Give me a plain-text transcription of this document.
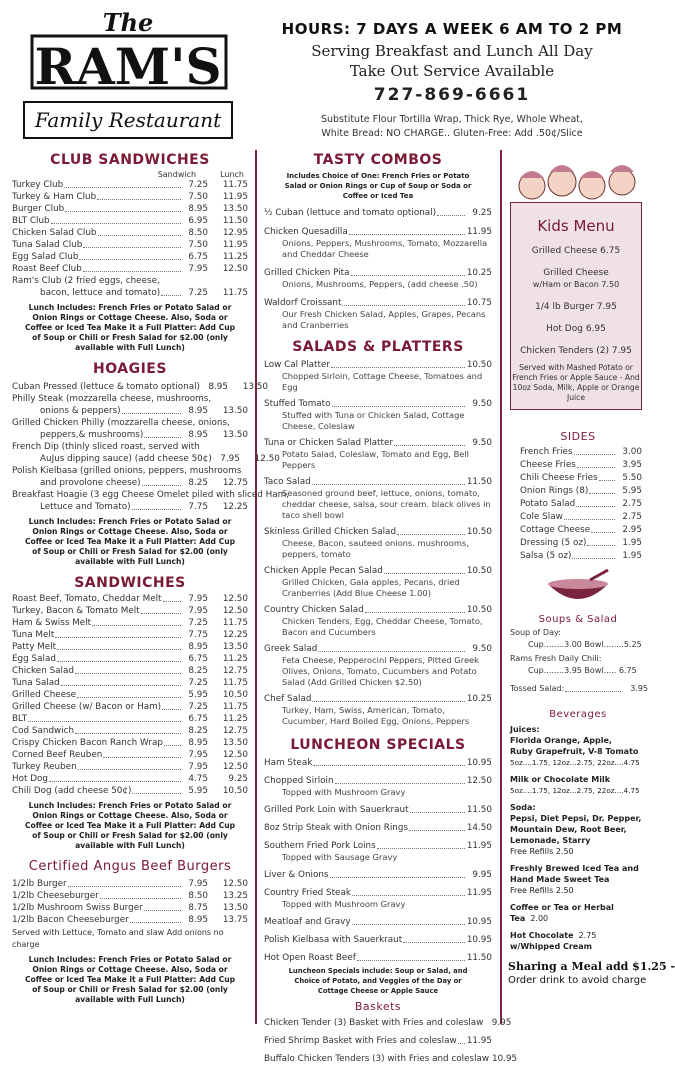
The
RAM'S
Family Restaurant
HOURS: 7 DAYS A WEEK 6 AM TO 2 PM
Serving Breakfast and Lunch All Day
Take Out Service Available
727-869-6661
Substitute Flour Tortilla Wrap, Thick Rye, Whole Wheat,
White Bread: NO CHARGE.. Gluten-Free: Add .50¢/Slice
CLUB SANDWICHES
Sandwich	Lunch
Turkey Club	7.25	11.75
Turkey & Ham Club	7.50	11.95
Burger Club	8.95	13.50
BLT Club	6.95	11.50
Chicken Salad Club	8.50	12.95
Tuna Salad Club	7.50	11.95
Egg Salad Club	6.75	11.25
Roast Beef Club	7.95	12.50
Ram's Club (2 fried eggs, cheese,
bacon, lettuce and tomato)	7.25	11.75
Lunch Includes: French Fries or Potato Salad or Onion Rings or Cottage Cheese. Also, Soda or Coffee or Iced Tea Make it a Full Platter: Add Cup of Soup or Chili or Fresh Salad for $2.00 (only available with Full Lunch)
HOAGIES
Cuban Pressed (lettuce & tomato optional) 8.95	13.50
Philly Steak (mozzarella cheese, mushrooms,
onions & peppers)	8.95	13.50
Grilled Chicken Philly (mozzarella cheese, onions,
peppers,& mushrooms)	8.95	13.50
French Dip (thinly sliced roast, served with
AuJus dipping sauce) (add cheese 50¢) 7.95	12.50
Polish Kielbasa (grilled onions, peppers, mushrooms
and provolone cheese)	8.25	12.75
Breakfast Hoagie (3 egg Cheese Omelet piled with sliced Ham,
Lettuce and Tomato)	7.75	12.25
Lunch Includes: French Fries or Potato Salad or Onion Rings or Cottage Cheese. Also, Soda or Coffee or Iced Tea Make it a Full Platter: Add Cup of Soup or Chili or Fresh Salad for $2.00 (only available with Full Lunch)
SANDWICHES
Roast Beef, Tomato, Cheddar Melt	7.95	12.50
Turkey, Bacon & Tomato Melt	7.95	12.50
Ham & Swiss Melt	7.25	11.75
Tuna Melt	7.75	12.25
Patty Melt	8.95	13.50
Egg Salad	6.75	11.25
Chicken Salad	8.25	12.75
Tuna Salad	7.25	11.75
Grilled Cheese	5.95	10.50
Grilled Cheese (w/ Bacon or Ham)	7.25	11.75
BLT	6.75	11.25
Cod Sandwich	8.25	12.75
Crispy Chicken Bacon Ranch Wrap	8.95	13.50
Corned Beef Reuben	7.95	12.50
Turkey Reuben	7.95	12.50
Hot Dog	4.75	9.25
Chili Dog (add cheese 50¢)	5.95	10.50
Lunch Includes: French Fries or Potato Salad or Onion Rings or Cottage Cheese. Also, Soda or Coffee or Iced Tea Make it a Full Platter: Add Cup of Soup or Chili or Fresh Salad for $2.00 (only available with Full Lunch)
Certified Angus Beef Burgers
1/2lb Burger	7.95	12.50
1/2lb Cheeseburger	8.50	13.25
1/2lb Mushroom Swiss Burger	8.75	13.50
1/2lb Bacon Cheeseburger	8.95	13.75
Served with Lettuce, Tomato and slaw Add onions no charge
Lunch Includes: French Fries or Potato Salad or Onion Rings or Cottage Cheese. Also, Soda or Coffee or Iced Tea Make it a Full Platter: Add Cup of Soup or Chili or Fresh Salad for $2.00 (only available with Full Lunch)
TASTY COMBOS
Includes Choice of One: French Fries or Potato Salad or Onion Rings or Cup of Soup or Soda or Coffee or Iced Tea
½ Cuban (lettuce and tomato optional)	9.25
Chicken Quesadilla	11.95
Onions, Peppers, Mushrooms, Tomato, Mozzarella and Cheddar Cheese
Grilled Chicken Pita	10.25
Onions, Mushrooms, Peppers, (add cheese .50)
Waldorf Croissant	10.75
Our Fresh Chicken Salad, Apples, Grapes, Pecans and Cranberries
SALADS & PLATTERS
Low Cal Platter	10.50
Chopped Sirloin, Cottage Cheese, Tomatoes and Egg
Stuffed Tomato	9.50
Stuffed with Tuna or Chicken Salad, Cottage Cheese, Coleslaw
Tuna or Chicken Salad Platter	9.50
Potato Salad, Coleslaw, Tomato and Egg, Bell Peppers
Taco Salad	11.50
Seasoned ground beef, lettuce, onions, tomato, cheddar cheese, salsa, sour cream. black olives in taco shell bowl
Skinless Grilled Chicken Salad	10.50
Cheese, Bacon, sauteed onions. mushrooms, peppers, tomato
Chicken Apple Pecan Salad	10.50
Grilled Chicken, Gala apples, Pecans, dried Cranberries (Add Blue Cheese 1.00)
Country Chicken Salad	10.50
Chicken Tenders, Egg, Cheddar Cheese, Tomato, Bacon and Cucumbers
Greek Salad	9.50
Feta Cheese, Pepperocini Peppers, Pitted Greek Olives, Onions, Tomato, Cucumbers and Potato Salad (Add Grilled Chicken $2.50)
Chef Salad	10.25
Turkey, Ham, Swiss, American, Tomato, Cucumber, Hard Boiled Egg, Onions, Peppers
LUNCHEON SPECIALS
Ham Steak	10.95
Chopped Sirloin	12.50
Topped with Mushroom Gravy
Grilled Pork Loin with Sauerkraut	11.50
8oz Strip Steak with Onion Rings	14.50
Southern Fried Pork Loins	11.95
Topped with Sausage Gravy
Liver & Onions	9.95
Country Fried Steak	11.95
Topped with Mushroom Gravy
Meatloaf and Gravy	10.95
Polish Kielbasa with Sauerkraut	10.95
Hot Open Roast Beef	11.50
Luncheon Specials include: Soup or Salad, and Choice of Potato, and Veggies of the Day or Cottage Cheese or Apple Sauce
Baskets
Chicken Tender (3) Basket with Fries and coleslaw 9.95
Fried Shrimp Basket with Fries and coleslaw 11.95
Buffalo Chicken Tenders (3) with Fries and coleslaw 10.95
Kids Menu
Grilled Cheese 6.75
Grilled Cheese
w/Ham or Bacon 7.50
1/4 lb Burger 7.95
Hot Dog 6.95
Chicken Tenders (2) 7.95
Served with Mashed Potato or French Fries or Apple Sauce - And 10oz Soda, Milk, Apple or Orange Juice
SIDES
French Fries	3.00
Cheese Fries	3.95
Chili Cheese Fries	5.50
Onion Rings (8)	5.95
Potato Salad	2.75
Cole Slaw	2.75
Cottage Cheese	2.95
Dressing (5 oz)	1.95
Salsa (5 oz)	1.95
Soups & Salad
Soup of Day:
Cup........3.00 Bowl........5.25
Rams Fresh Daily Chili:
Cup........3.95 Bowl..... 6.75
Tossed Salad:	3.95
Beverages
Juices:
Florida Orange, Apple,
Ruby Grapefruit, V-8 Tomato
5oz....1.75, 12oz...2.75, 22oz....4.75
Milk or Chocolate Milk
5oz....1.75, 12oz...2.75, 22oz....4.75
Soda:
Pepsi, Diet Pepsi, Dr. Pepper,
Mountain Dew, Root Beer,
Lemonade, Starry
Free Refills 2.50
Freshly Brewed Iced Tea and
Hand Made Sweet Tea
Free Refills 2.50
Coffee or Tea or Herbal Tea 2.00
Hot Chocolate 2.75
w/Whipped Cream
Sharing a Meal add $1.25 -
Order drink to avoid charge
